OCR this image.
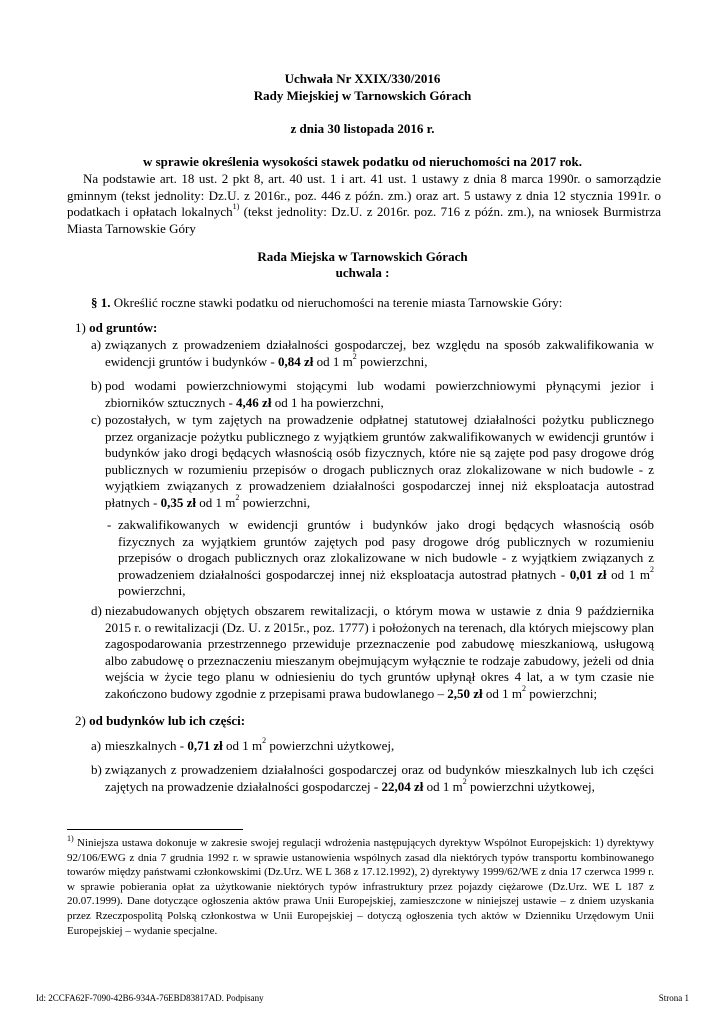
Uchwała Nr XXIX/330/2016
Rady Miejskiej w Tarnowskich Górach
z dnia 30 listopada 2016 r.
w sprawie określenia wysokości stawek podatku od nieruchomości na 2017 rok.
Na podstawie art. 18 ust. 2 pkt 8, art. 40 ust. 1 i art. 41 ust. 1 ustawy z dnia 8 marca 1990r. o samorządzie gminnym (tekst jednolity: Dz.U. z 2016r., poz. 446 z późn. zm.) oraz art. 5 ustawy z dnia 12 stycznia 1991r. o podatkach i opłatach lokalnych$^{1)}$ (tekst jednolity: Dz.U. z 2016r. poz. 716 z późn. zm.), na wniosek Burmistrza Miasta Tarnowskie Góry
Rada Miejska w Tarnowskich Górach
uchwala :
§ 1. Określić roczne stawki podatku od nieruchomości na terenie miasta Tarnowskie Góry:
1) od gruntów:
a) związanych z prowadzeniem działalności gospodarczej, bez względu na sposób zakwalifikowania w ewidencji gruntów i budynków - 0,84 zł od 1 $m^2$ powierzchni,
b) pod wodami powierzchniowymi stojącymi lub wodami powierzchniowymi płynącymi jezior i zbiorników sztucznych - 4,46 zł od 1 ha powierzchni,
c) pozostałych, w tym zajętych na prowadzenie odpłatnej statutowej działalności pożytku publicznego przez organizacje pożytku publicznego z wyjątkiem gruntów zakwalifikowanych w ewidencji gruntów i budynków jako drogi będących własnością osób fizycznych, które nie są zajęte pod pasy drogowe dróg publicznych w rozumieniu przepisów o drogach publicznych oraz zlokalizowane w nich budowle - z wyjątkiem związanych z prowadzeniem działalności gospodarczej innej niż eksploatacja autostrad płatnych - 0,35 zł od 1 $m^2$ powierzchni,
- zakwalifikowanych w ewidencji gruntów i budynków jako drogi będących własnością osób fizycznych za wyjątkiem gruntów zajętych pod pasy drogowe dróg publicznych w rozumieniu przepisów o drogach publicznych oraz zlokalizowane w nich budowle - z wyjątkiem związanych z prowadzeniem działalności gospodarczej innej niż eksploatacja autostrad płatnych - 0,01 zł od 1 $m^2$ powierzchni,
d) niezabudowanych objętych obszarem rewitalizacji, o którym mowa w ustawie z dnia 9 października 2015 r. o rewitalizacji (Dz. U. z 2015r., poz. 1777) i położonych na terenach, dla których miejscowy plan zagospodarowania przestrzennego przewiduje przeznaczenie pod zabudowę mieszkaniową, usługową albo zabudowę o przeznaczeniu mieszanym obejmującym wyłącznie te rodzaje zabudowy, jeżeli od dnia wejścia w życie tego planu w odniesieniu do tych gruntów upłynął okres 4 lat, a w tym czasie nie zakończono budowy zgodnie z przepisami prawa budowlanego – 2,50 zł od 1 $m^2$ powierzchni;
2) od budynków lub ich części:
a) mieszkalnych - 0,71 zł od 1 $m^2$ powierzchni użytkowej,
b) związanych z prowadzeniem działalności gospodarczej oraz od budynków mieszkalnych lub ich części zajętych na prowadzenie działalności gospodarczej - 22,04 zł od 1 $m^2$ powierzchni użytkowej,
$^{1)}$ Niniejsza ustawa dokonuje w zakresie swojej regulacji wdrożenia następujących dyrektyw Wspólnot Europejskich: 1) dyrektywy 92/106/EWG z dnia 7 grudnia 1992 r. w sprawie ustanowienia wspólnych zasad dla niektórych typów transportu kombinowanego towarów między państwami członkowskimi (Dz.Urz. WE L 368 z 17.12.1992), 2) dyrektywy 1999/62/WE z dnia 17 czerwca 1999 r. w sprawie pobierania opłat za użytkowanie niektórych typów infrastruktury przez pojazdy ciężarowe (Dz.Urz. WE L 187 z 20.07.1999). Dane dotyczące ogłoszenia aktów prawa Unii Europejskiej, zamieszczone w niniejszej ustawie – z dniem uzyskania przez Rzeczpospolitą Polską członkostwa w Unii Europejskiej – dotyczą ogłoszenia tych aktów w Dzienniku Urzędowym Unii Europejskiej – wydanie specjalne.
Id: 2CCFA62F-7090-42B6-934A-76EBD83817AD. Podpisany	Strona 1
